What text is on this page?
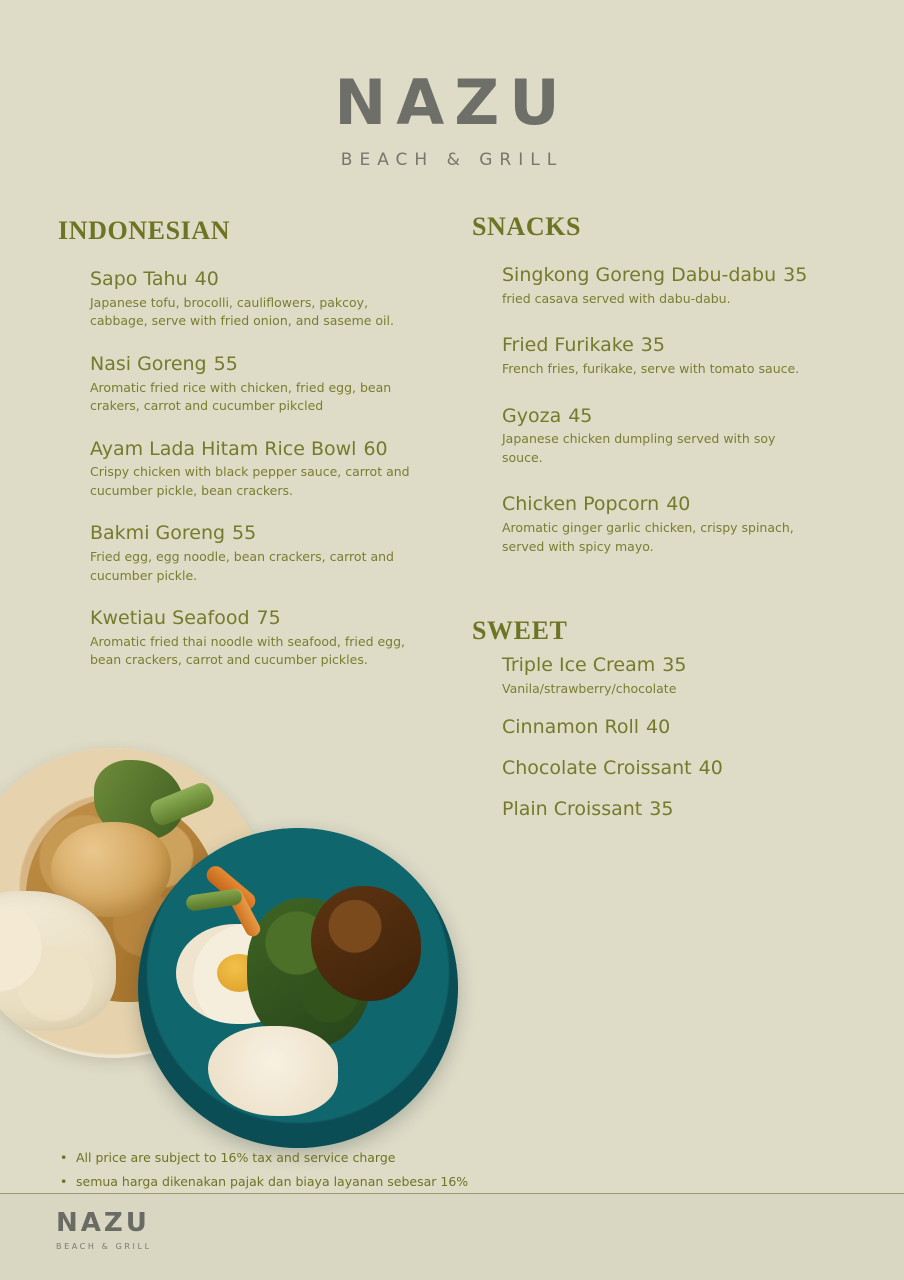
NAZU
BEACH & GRILL
INDONESIAN
Sapo Tahu 40
Japanese tofu, brocolli, cauliflowers, pakcoy, cabbage, serve with fried onion, and saseme oil.
Nasi Goreng 55
Aromatic fried rice with chicken, fried egg, bean crakers, carrot and cucumber pikcled
Ayam Lada Hitam Rice Bowl 60
Crispy chicken with black pepper sauce, carrot and cucumber pickle, bean crackers.
Bakmi Goreng 55
Fried egg, egg noodle, bean crackers, carrot and cucumber pickle.
Kwetiau Seafood 75
Aromatic fried thai noodle with seafood, fried egg, bean crackers, carrot and cucumber pickles.
SNACKS
Singkong Goreng Dabu-dabu 35
fried casava served with dabu-dabu.
Fried Furikake 35
French fries, furikake, serve with tomato sauce.
Gyoza 45
Japanese chicken dumpling served with soy souce.
Chicken Popcorn 40
Aromatic ginger garlic chicken, crispy spinach, served with spicy mayo.
SWEET
Triple Ice Cream 35
Vanila/strawberry/chocolate
Cinnamon Roll 40
Chocolate Croissant 40
Plain Croissant 35
• All price are subject to 16% tax and service charge
• semua harga dikenakan pajak dan biaya layanan sebesar 16%
NAZU
BEACH & GRILL
